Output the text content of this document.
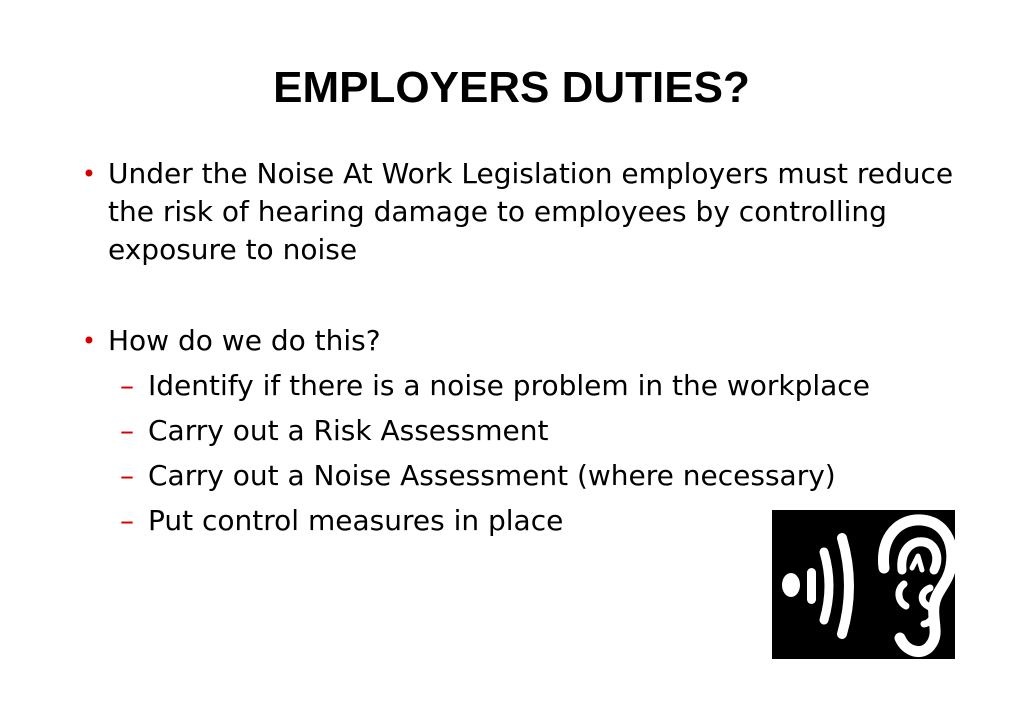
EMPLOYERS DUTIES?
• Under the Noise At Work Legislation employers must reduce the risk of hearing damage to employees by controlling exposure to noise
• How do we do this?
– Identify if there is a noise problem in the workplace
– Carry out a Risk Assessment
– Carry out a Noise Assessment (where necessary)
– Put control measures in place
